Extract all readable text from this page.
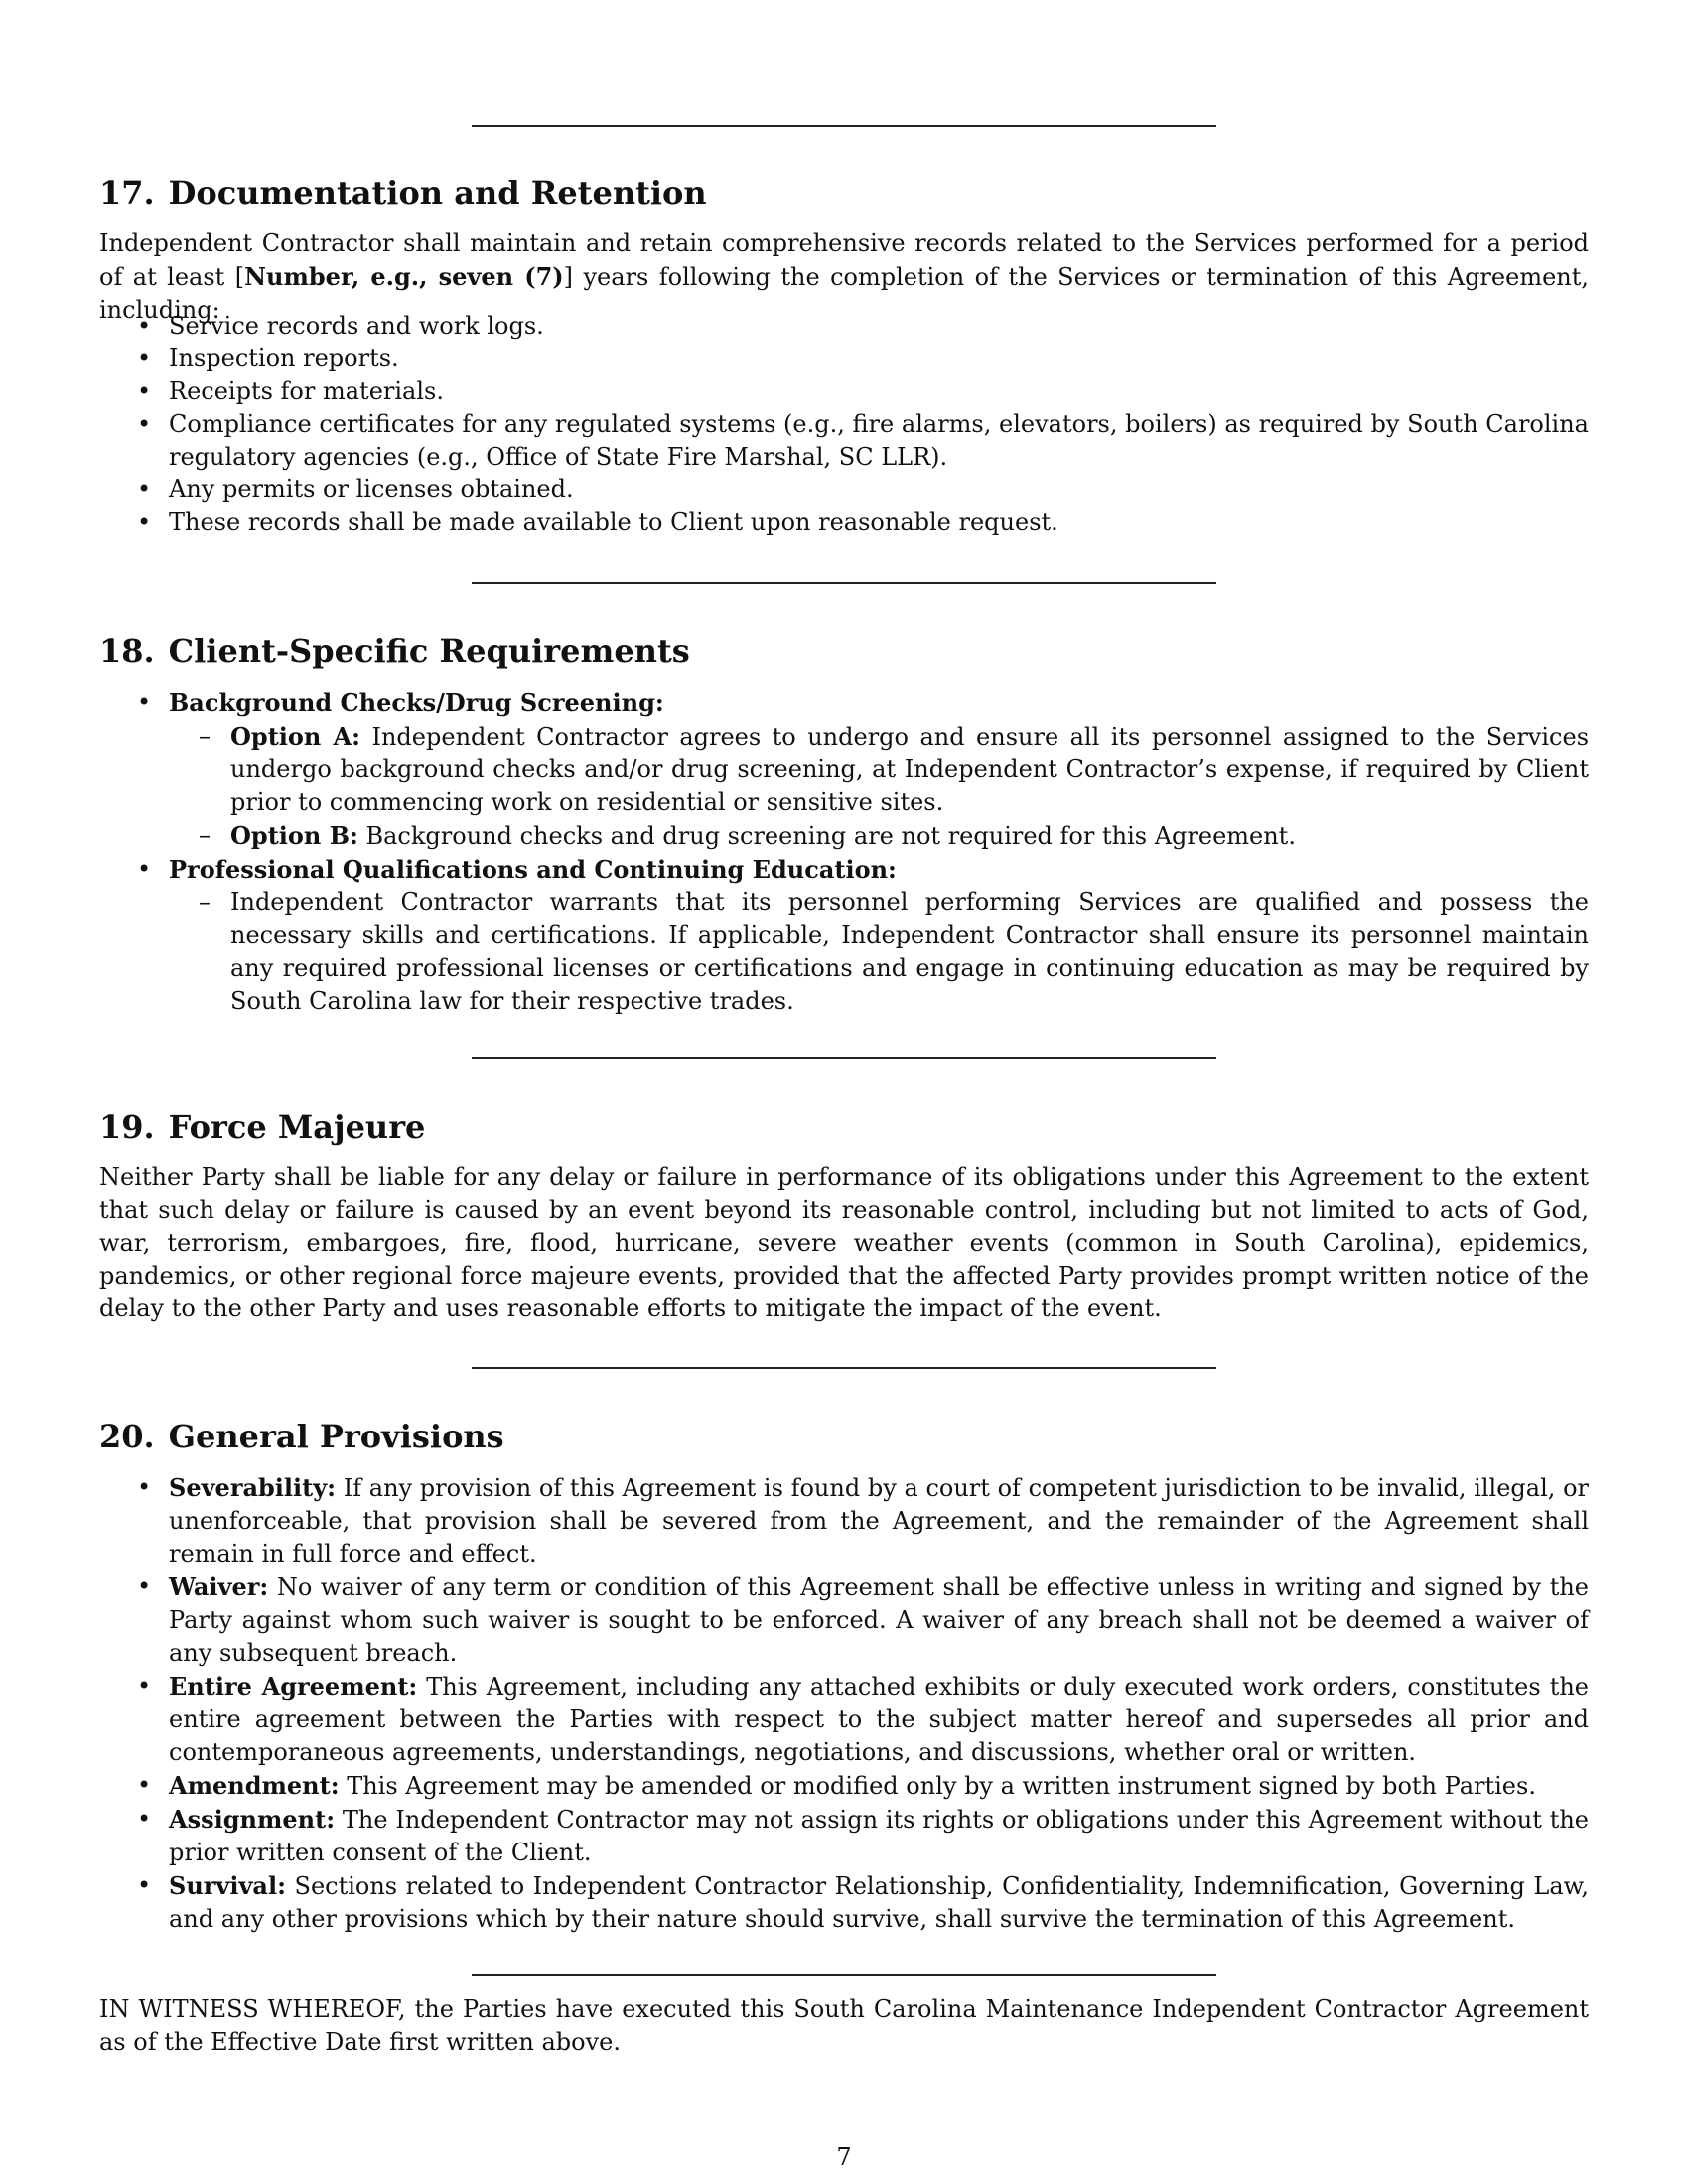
17. Documentation and Retention

Independent Contractor shall maintain and retain comprehensive records related to the Services performed for a period of at least [Number, e.g., seven (7)] years following the completion of the Services or termination of this Agreement, including:

• Service records and work logs.
• Inspection reports.
• Receipts for materials.
• Compliance certificates for any regulated systems (e.g., fire alarms, elevators, boilers) as required by South Carolina regulatory agencies (e.g., Office of State Fire Marshal, SC LLR).
• Any permits or licenses obtained.
• These records shall be made available to Client upon reasonable request.
18. Client-Specific Requirements
• Background Checks/Drug Screening:
– Option A: Independent Contractor agrees to undergo and ensure all its personnel assigned to the Services undergo background checks and/or drug screening, at Independent Contractor’s expense, if required by Client prior to commencing work on residential or sensitive sites.
– Option B: Background checks and drug screening are not required for this Agreement.
• Professional Qualifications and Continuing Education:
– Independent Contractor warrants that its personnel performing Services are qualified and possess the necessary skills and certifications. If applicable, Independent Contractor shall ensure its personnel maintain any required professional licenses or certifications and engage in continuing education as may be required by South Carolina law for their respective trades.
19. Force Majeure

Neither Party shall be liable for any delay or failure in performance of its obligations under this Agreement to the extent that such delay or failure is caused by an event beyond its reasonable control, including but not limited to acts of God, war, terrorism, embargoes, fire, flood, hurricane, severe weather events (common in South Carolina), epidemics, pandemics, or other regional force majeure events, provided that the affected Party provides prompt written notice of the delay to the other Party and uses reasonable efforts to mitigate the impact of the event.

20. General Provisions
• Severability: If any provision of this Agreement is found by a court of competent jurisdiction to be invalid, illegal, or unenforceable, that provision shall be severed from the Agreement, and the remainder of the Agreement shall remain in full force and effect.
• Waiver: No waiver of any term or condition of this Agreement shall be effective unless in writing and signed by the Party against whom such waiver is sought to be enforced. A waiver of any breach shall not be deemed a waiver of any subsequent breach.
• Entire Agreement: This Agreement, including any attached exhibits or duly executed work orders, constitutes the entire agreement between the Parties with respect to the subject matter hereof and supersedes all prior and contemporaneous agreements, understandings, negotiations, and discussions, whether oral or written.
• Amendment: This Agreement may be amended or modified only by a written instrument signed by both Parties.
• Assignment: The Independent Contractor may not assign its rights or obligations under this Agreement without the prior written consent of the Client.
• Survival: Sections related to Independent Contractor Relationship, Confidentiality, Indemnification, Governing Law, and any other provisions which by their nature should survive, shall survive the termination of this Agreement.

IN WITNESS WHEREOF, the Parties have executed this South Carolina Maintenance Independent Contractor Agreement as of the Effective Date first written above.

7
